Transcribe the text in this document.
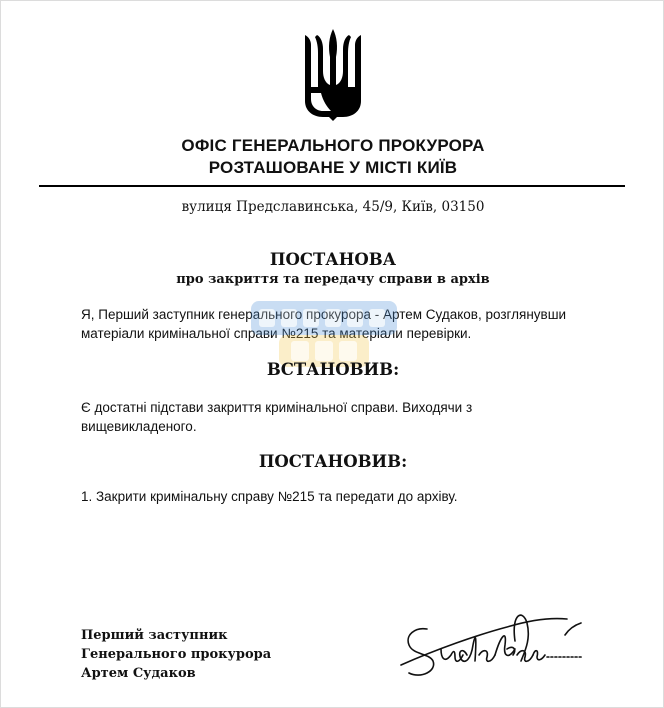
ОФІС ГЕНЕРАЛЬНОГО ПРОКУРОРА
РОЗТАШОВАНЕ У МІСТІ КИЇВ
вулиця Предславинська, 45/9, Київ, 03150
ПОСТАНОВА
про закриття та передачу справи в архів
Я, Перший заступник генерального прокурора - Артем Судаков, розглянувши
матеріали кримінальної справи №215 та матеріали перевірки.
ВСТАНОВИВ:
Є достатні підстави закриття кримінальної справи. Виходячи з
вищевикладеного.
ПОСТАНОВИВ:
1. Закрити кримінальну справу №215 та передати до архіву.
Перший заступник
Генерального прокурора
Артем Судаков
